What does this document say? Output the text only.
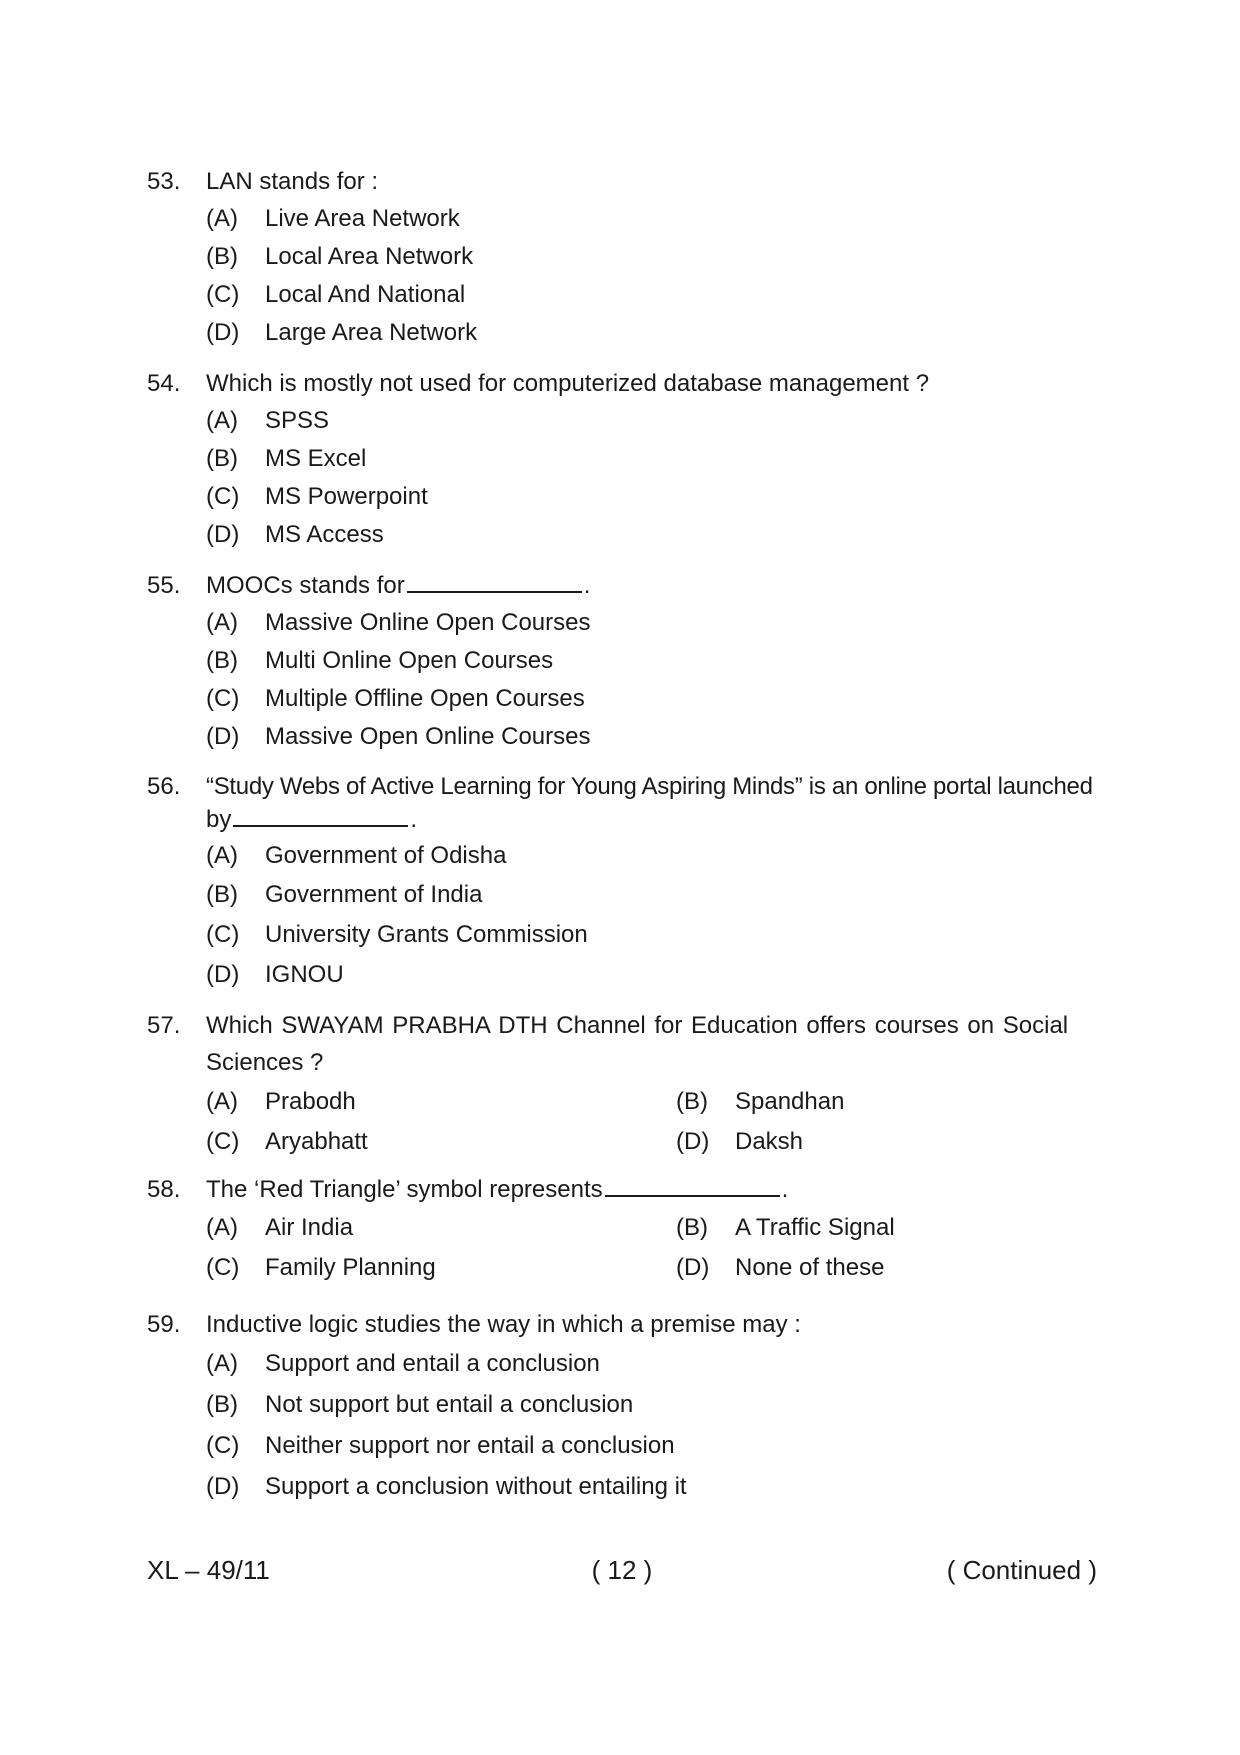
53.	LAN stands for :
(A) Live Area Network
(B) Local Area Network
(C) Local And National
(D) Large Area Network
54.	Which is mostly not used for computerized database management ?
(A) SPSS
(B) MS Excel
(C) MS Powerpoint
(D) MS Access
55.	MOOCs stands for	.
(A) Massive Online Open Courses
(B) Multi Online Open Courses
(C) Multiple Offline Open Courses
(D) Massive Open Online Courses
56.	“Study Webs of Active Learning for Young Aspiring Minds” is an online portal launched
by	.
(A) Government of Odisha
(B) Government of India
(C) University Grants Commission
(D) IGNOU
57.	Which SWAYAM PRABHA DTH Channel for Education offers courses on Social
Sciences ?
(A) Prabodh	(B) Spandhan
(C) Aryabhatt	(D) Daksh
58.	The ‘Red Triangle’ symbol represents	.
(A) Air India	(B) A Traffic Signal
(C) Family Planning	(D) None of these
59.	Inductive logic studies the way in which a premise may :
(A) Support and entail a conclusion
(B) Not support but entail a conclusion
(C) Neither support nor entail a conclusion
(D) Support a conclusion without entailing it
XL – 49/11	( 12 )	( Continued )
